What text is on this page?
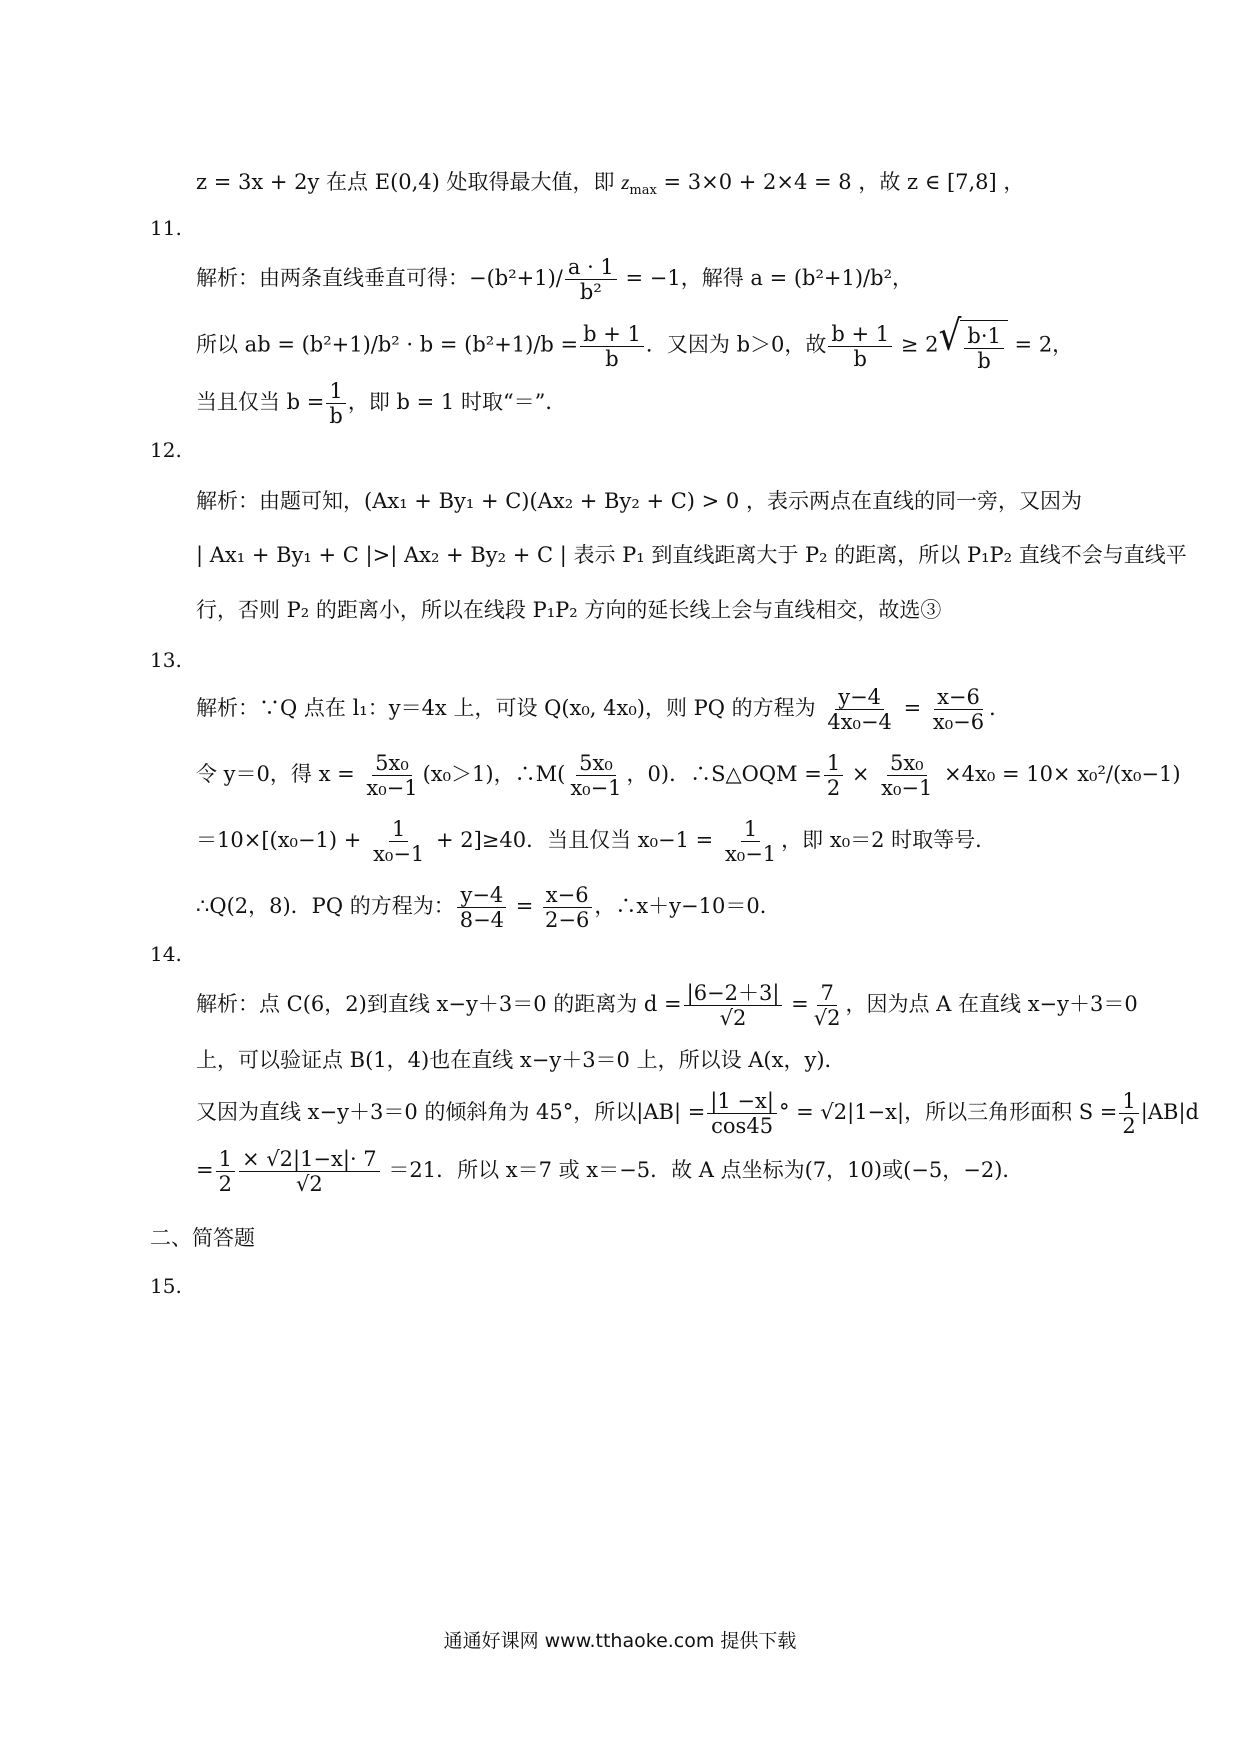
z = 3x + 2y 在点 E(0,4) 处取得最大值，即 $z_{max} = 3\times 0 + 2\times 4 = 8$ ，故 z ∈ [7,8] ，
11.
解析：由两条直线垂直可得：$-(b^2+1)/ \frac{a \cdot 1}{\text{b²}} = -1$，解得 a = (b²+1)/b²，
所以 ab = $(b^2+1)/b^2 \cdot b = (b^2+1)/b = \frac{b + 1}{b}$ ．又因为 b＞0，故 $\frac{b + 1}{b} \ge 2$ √ $\frac{b\cdot 1}{b} = 2$，
当且仅当 $b = \frac{1}{b}$ ，即 b = 1 时取“＝”．
12.
解析：由题可知，(Ax₁ + By₁ + C)(Ax₂ + By₂ + C) > 0 ，表示两点在直线的同一旁，又因为
| Ax₁ + By₁ + C |>| Ax₂ + By₂ + C | 表示 P₁ 到直线距离大于 P₂ 的距离，所以 P₁P₂ 直线不会与直线平
行，否则 P₂ 的距离小，所以在线段 P₁P₂ 方向的延长线上会与直线相交，故选③
13.
解析：∵Q 点在 l₁：y＝4x 上，可设 Q(x₀, 4x₀)，则 PQ 的方程为 $\frac{y-4}{\text{4x₀−4}} = \frac{x-6}{\text{x₀−6}}$ ．
令 y＝0，得 $x = \frac{\text{5x₀}}{\text{x₀−1}} (x_0>1)$，∴M( $\frac{\text{5x₀}}{\text{x₀−1}}$ ，0)．∴S△OQM = $\frac{1}{2} \times \frac{\text{5x₀}}{\text{x₀−1}} \times 4x_0 = 10\times x_0^2/(x_0-1)$
$=10\times[(x_0-1) + \frac{1}{\text{x₀−1}} + 2]\ge 40$．当且仅当 $x_0-1 = \frac{1}{\text{x₀−1}}$ ，即 x₀＝2 时取等号．
∴Q(2，8)．PQ 的方程为： $\frac{y-4}{8-4} = \frac{x-6}{2-6}$ ，∴x＋y−10＝0．
14.
解析：点 C(6，2)到直线 x−y＋3＝0 的距离为 $d = \frac{|6-2+3|}{√2} = \frac{7}{√2}$ ，因为点 A 在直线 x−y＋3＝0
上，可以验证点 B(1，4)也在直线 x−y＋3＝0 上，所以设 A(x，y)．
又因为直线 x−y＋3＝0 的倾斜角为 45°，所以$|AB| = \frac{|1 -x|}{\cos 45}$ ° = √2|1−x|，所以三角形面积 $S = \frac{1}{2} |AB|d$
= $\frac{1}{2} \frac{\times √2|1-x|\cdot 7}{√2} =21$．所以 x＝7 或 x＝−5．故 A 点坐标为(7，10)或(−5，−2)．
二、简答题
15.
通通好课网 www.tthaoke.com 提供下载
